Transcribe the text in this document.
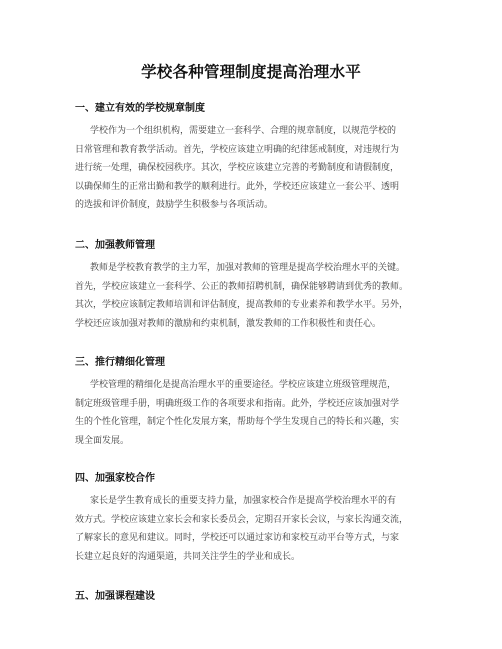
学校各种管理制度提高治理水平
一、建立有效的学校规章制度
学校作为一个组织机构，需要建立一套科学、合理的规章制度，以规范学校的
日常管理和教育教学活动。首先，学校应该建立明确的纪律惩戒制度，对违规行为
进行统一处理，确保校园秩序。其次，学校应该建立完善的考勤制度和请假制度，
以确保师生的正常出勤和教学的顺利进行。此外，学校还应该建立一套公平、透明
的选拔和评价制度，鼓励学生积极参与各项活动。
二、加强教师管理
教师是学校教育教学的主力军，加强对教师的管理是提高学校治理水平的关键。
首先，学校应该建立一套科学、公正的教师招聘机制，确保能够聘请到优秀的教师。
其次，学校应该制定教师培训和评估制度，提高教师的专业素养和教学水平。另外，
学校还应该加强对教师的激励和约束机制，激发教师的工作积极性和责任心。
三、推行精细化管理
学校管理的精细化是提高治理水平的重要途径。学校应该建立班级管理规范，
制定班级管理手册，明确班级工作的各项要求和指南。此外，学校还应该加强对学
生的个性化管理，制定个性化发展方案，帮助每个学生发现自己的特长和兴趣，实
现全面发展。
四、加强家校合作
家长是学生教育成长的重要支持力量，加强家校合作是提高学校治理水平的有
效方式。学校应该建立家长会和家长委员会，定期召开家长会议，与家长沟通交流，
了解家长的意见和建议。同时，学校还可以通过家访和家校互动平台等方式，与家
长建立起良好的沟通渠道，共同关注学生的学业和成长。
五、加强课程建设
